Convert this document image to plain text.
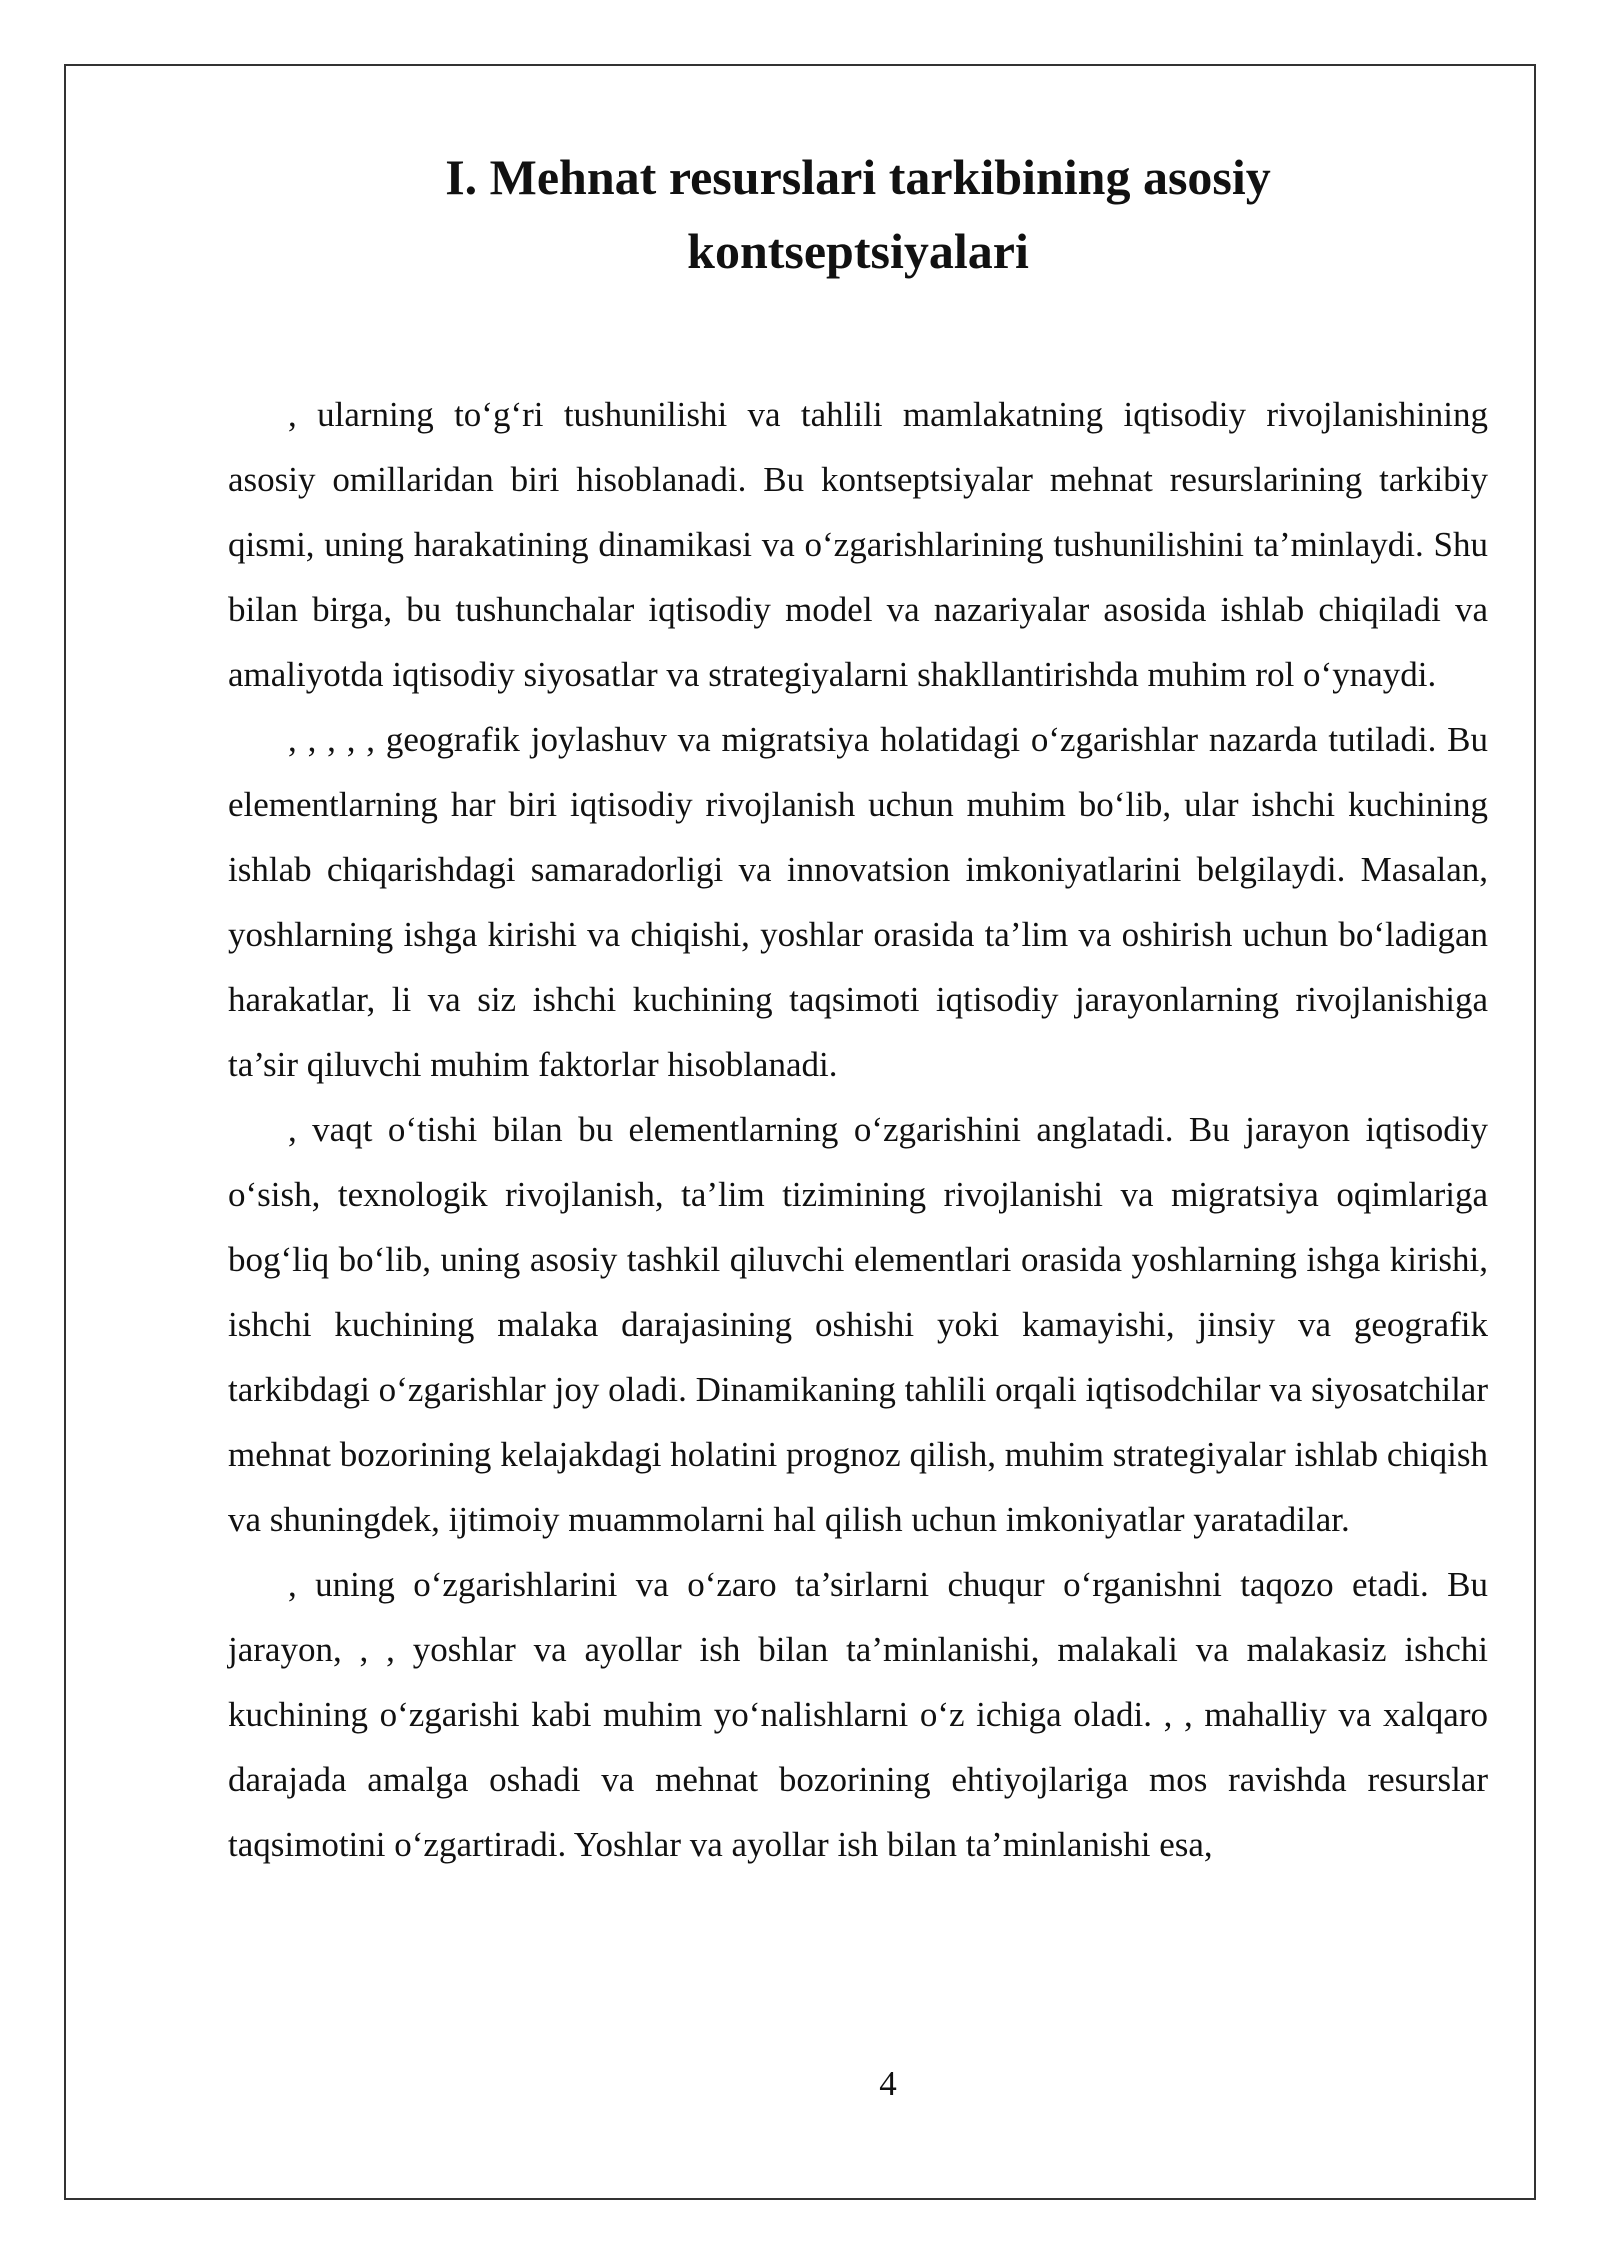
I. Mehnat resurslari tarkibining asosiy
kontseptsiyalari

, ularning to‘g‘ri tushunilishi va tahlili mamlakatning iqtisodiy rivojlanishining asosiy omillaridan biri hisoblanadi. Bu kontseptsiyalar mehnat resurslarining tarkibiy qismi, uning harakatining dinamikasi va o‘zgarishlarining tushunilishini ta’minlaydi. Shu bilan birga, bu tushunchalar iqtisodiy model va nazariyalar asosida ishlab chiqiladi va amaliyotda iqtisodiy siyosatlar va strategiyalarni shakllantirishda muhim rol o‘ynaydi.

, , , , , geografik joylashuv va migratsiya holatidagi o‘zgarishlar nazarda tutiladi. Bu elementlarning har biri iqtisodiy rivojlanish uchun muhim bo‘lib, ular ishchi kuchining ishlab chiqarishdagi samaradorligi va innovatsion imkoniyatlarini belgilaydi. Masalan, yoshlarning ishga kirishi va chiqishi, yoshlar orasida ta’lim va oshirish uchun bo‘ladigan harakatlar, li va siz ishchi kuchining taqsimoti iqtisodiy jarayonlarning rivojlanishiga ta’sir qiluvchi muhim faktorlar hisoblanadi.

, vaqt o‘tishi bilan bu elementlarning o‘zgarishini anglatadi. Bu jarayon iqtisodiy o‘sish, texnologik rivojlanish, ta’lim tizimining rivojlanishi va migratsiya oqimlariga bog‘liq bo‘lib, uning asosiy tashkil qiluvchi elementlari orasida yoshlarning ishga kirishi, ishchi kuchining malaka darajasining oshishi yoki kamayishi, jinsiy va geografik tarkibdagi o‘zgarishlar joy oladi. Dinamikaning tahlili orqali iqtisodchilar va siyosatchilar mehnat bozorining kelajakdagi holatini prognoz qilish, muhim strategiyalar ishlab chiqish va shuningdek, ijtimoiy muammolarni hal qilish uchun imkoniyatlar yaratadilar.

, uning o‘zgarishlarini va o‘zaro ta’sirlarni chuqur o‘rganishni taqozo etadi. Bu jarayon, , , yoshlar va ayollar ish bilan ta’minlanishi, malakali va malakasiz ishchi kuchining o‘zgarishi kabi muhim yo‘nalishlarni o‘z ichiga oladi. , , mahalliy va xalqaro darajada amalga oshadi va mehnat bozorining ehtiyojlariga mos ravishda resurslar taqsimotini o‘zgartiradi. Yoshlar va ayollar ish bilan ta’minlanishi esa,

4
